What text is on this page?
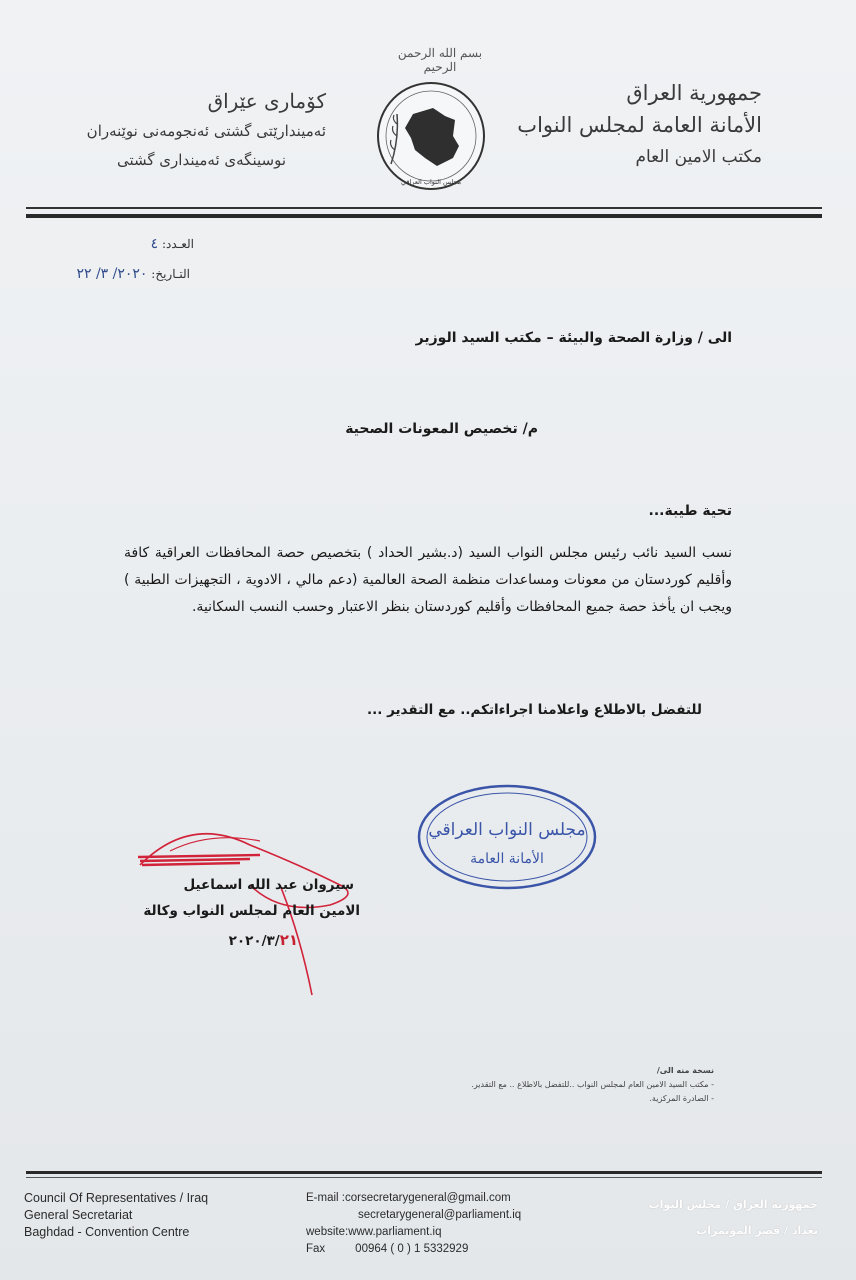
جمهورية العراق
الأمانة العامة لمجلس النواب
مكتب الامين العام
کۆماری عێراق
ئەمیندارێتی گشتی ئەنجومەنی نوێنەران
نوسینگەی ئەمینداری گشتی
بسم الله الرحمن الرحيم
مجلس النواب العراقي
العـدد: ٤
التـاريخ: ٢٠٢٠/ ٣/ ٢٢
الى / وزارة الصحة والبيئة – مكتب السيد الوزير
م/ تخصيص المعونات الصحية
تحية طيبة...
نسب السيد نائب رئيس مجلس النواب السيد (د.بشير الحداد ) بتخصيص حصة المحافظات العراقية كافة وأقليم كوردستان من معونات ومساعدات منظمة الصحة العالمية (دعم مالي ، الادوية ، التجهيزات الطبية ) ويجب ان يأخذ حصة جميع المحافظات وأقليم كوردستان بنظر الاعتبار وحسب النسب السكانية.
للتفضل بالاطلاع واعلامنا اجراءاتكم.. مع التقدير ...
مجلس النواب العراقي
الأمانة العامة
سيروان عبد الله اسماعيل
الامين العام لمجلس النواب وكالة
٢٠٢٠/٣/٢١
نسخة منه الى/
- مكتب السيد الامين العام لمجلس النواب ..للتفضل بالاطلاع .. مع التقدير.
- الصادرة المركزية.
Council Of Representatives / Iraq
General Secretariat
Baghdad - Convention Centre
E-mail :corsecretarygeneral@gmail.com
secretarygeneral@parliament.iq
website:www.parliament.iq
Fax	00964 ( 0 ) 1 5332929
جمهورية العراق / مجلس النواب
بغداد / قصر المؤتمرات
